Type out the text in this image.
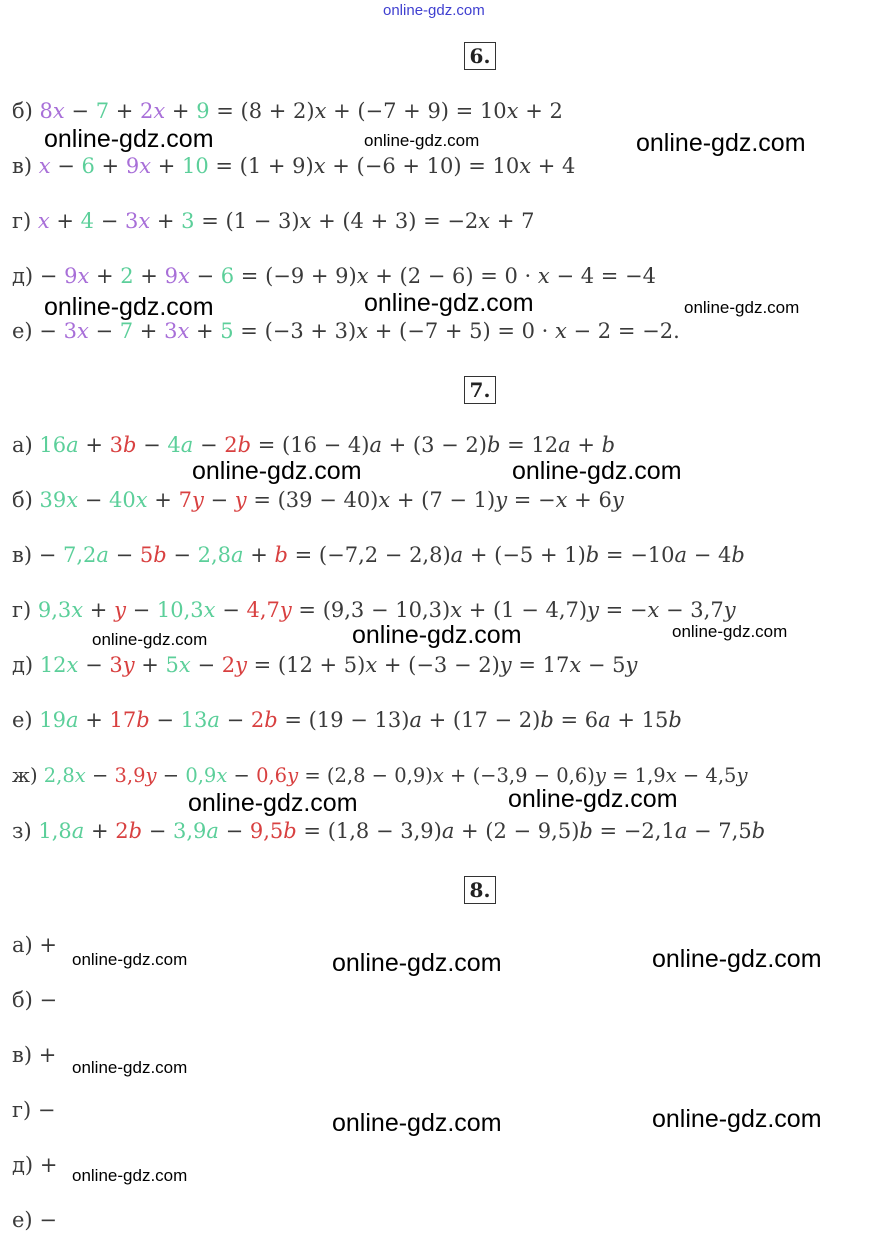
online-gdz.com
6.
б) 8x − 7 + 2x + 9 = (8 + 2)x + (−7 + 9) = 10x + 2
в) x − 6 + 9x + 10 = (1 + 9)x + (−6 + 10) = 10x + 4
г) x + 4 − 3x + 3 = (1 − 3)x + (4 + 3) = −2x + 7
д) − 9x + 2 + 9x − 6 = (−9 + 9)x + (2 − 6) = 0 · x − 4 = −4
е) − 3x − 7 + 3x + 5 = (−3 + 3)x + (−7 + 5) = 0 · x − 2 = −2.
7.
а) 16a + 3b − 4a − 2b = (16 − 4)a + (3 − 2)b = 12a + b
б) 39x − 40x + 7y − y = (39 − 40)x + (7 − 1)y = −x + 6y
в) − 7,2a − 5b − 2,8a + b = (−7,2 − 2,8)a + (−5 + 1)b = −10a − 4b
г) 9,3x + y − 10,3x − 4,7y = (9,3 − 10,3)x + (1 − 4,7)y = −x − 3,7y
д) 12x − 3y + 5x − 2y = (12 + 5)x + (−3 − 2)y = 17x − 5y
е) 19a + 17b − 13a − 2b = (19 − 13)a + (17 − 2)b = 6a + 15b
ж) 2,8x − 3,9y − 0,9x − 0,6y = (2,8 − 0,9)x + (−3,9 − 0,6)y = 1,9x − 4,5y
з) 1,8a + 2b − 3,9a − 9,5b = (1,8 − 3,9)a + (2 − 9,5)b = −2,1a − 7,5b
8.
а) +
б) −
в) +
г) −
д) +
е) −
online-gdz.com	online-gdz.com	online-gdz.com
online-gdz.com	online-gdz.com	online-gdz.com
online-gdz.com	online-gdz.com
online-gdz.com	online-gdz.com	online-gdz.com
online-gdz.com	online-gdz.com
online-gdz.com	online-gdz.com	online-gdz.com
online-gdz.com
online-gdz.com	online-gdz.com
online-gdz.com
